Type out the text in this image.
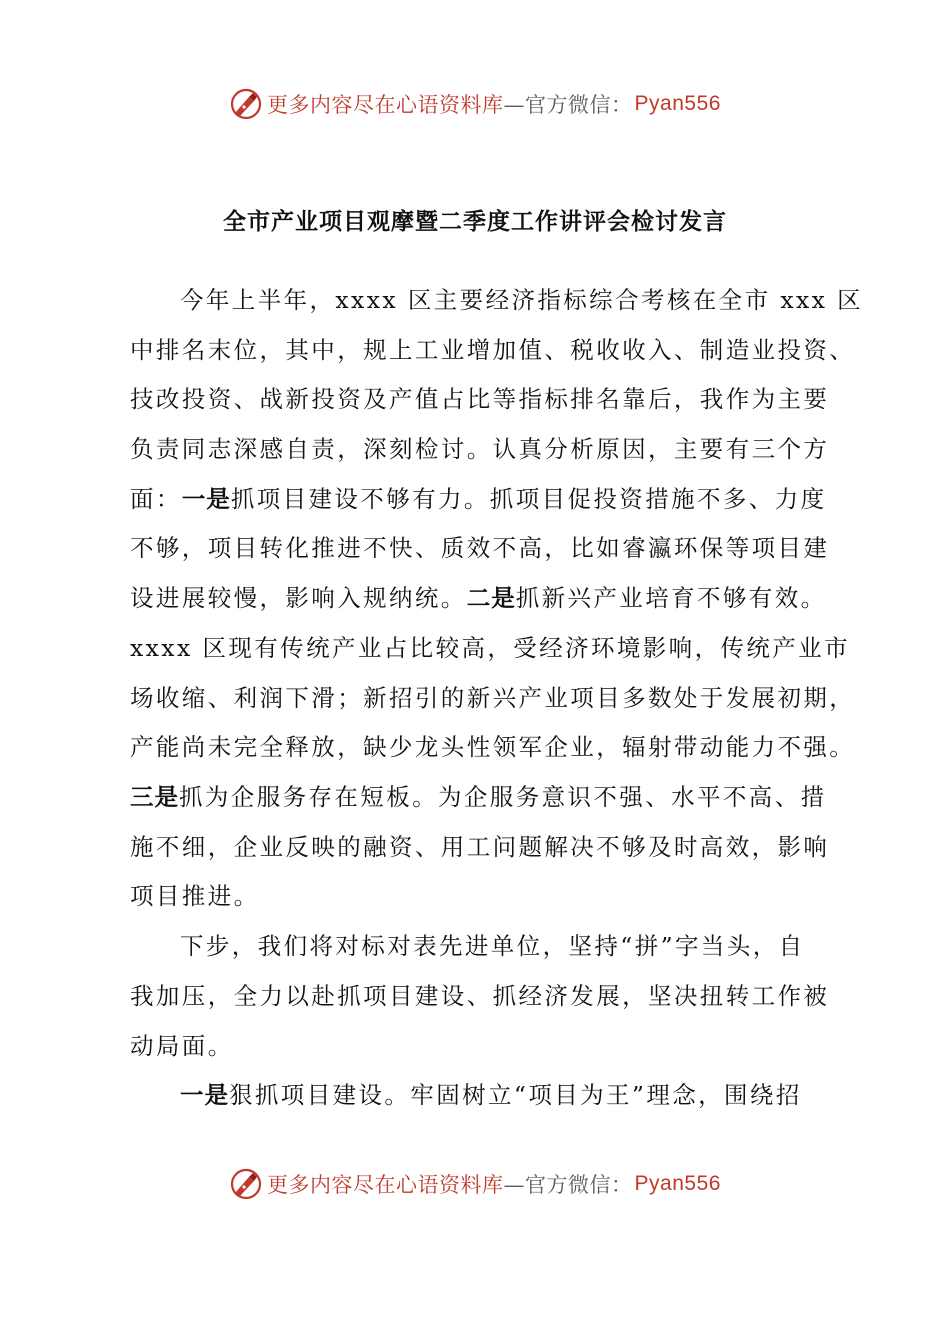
更多内容尽在心语资料库 —官方微信： Pyan556
全市产业项目观摩暨二季度工作讲评会检讨发言
今年上半年，xxxx 区主要经济指标综合考核在全市 xxx 区
中排名末位，其中，规上工业增加值、税收收入、制造业投资、
技改投资、战新投资及产值占比等指标排名靠后，我作为主要
负责同志深感自责，深刻检讨。认真分析原因，主要有三个方
面：一是抓项目建设不够有力。抓项目促投资措施不多、力度
不够，项目转化推进不快、质效不高，比如睿瀛环保等项目建
设进展较慢，影响入规纳统。二是抓新兴产业培育不够有效。
xxxx 区现有传统产业占比较高，受经济环境影响，传统产业市
场收缩、利润下滑；新招引的新兴产业项目多数处于发展初期，
产能尚未完全释放，缺少龙头性领军企业，辐射带动能力不强。
三是抓为企服务存在短板。为企服务意识不强、水平不高、措
施不细，企业反映的融资、用工问题解决不够及时高效，影响
项目推进。
下步，我们将对标对表先进单位，坚持“拼”字当头，自
我加压，全力以赴抓项目建设、抓经济发展，坚决扭转工作被
动局面。
一是狠抓项目建设。牢固树立“项目为王”理念，围绕招
更多内容尽在心语资料库 —官方微信： Pyan556
